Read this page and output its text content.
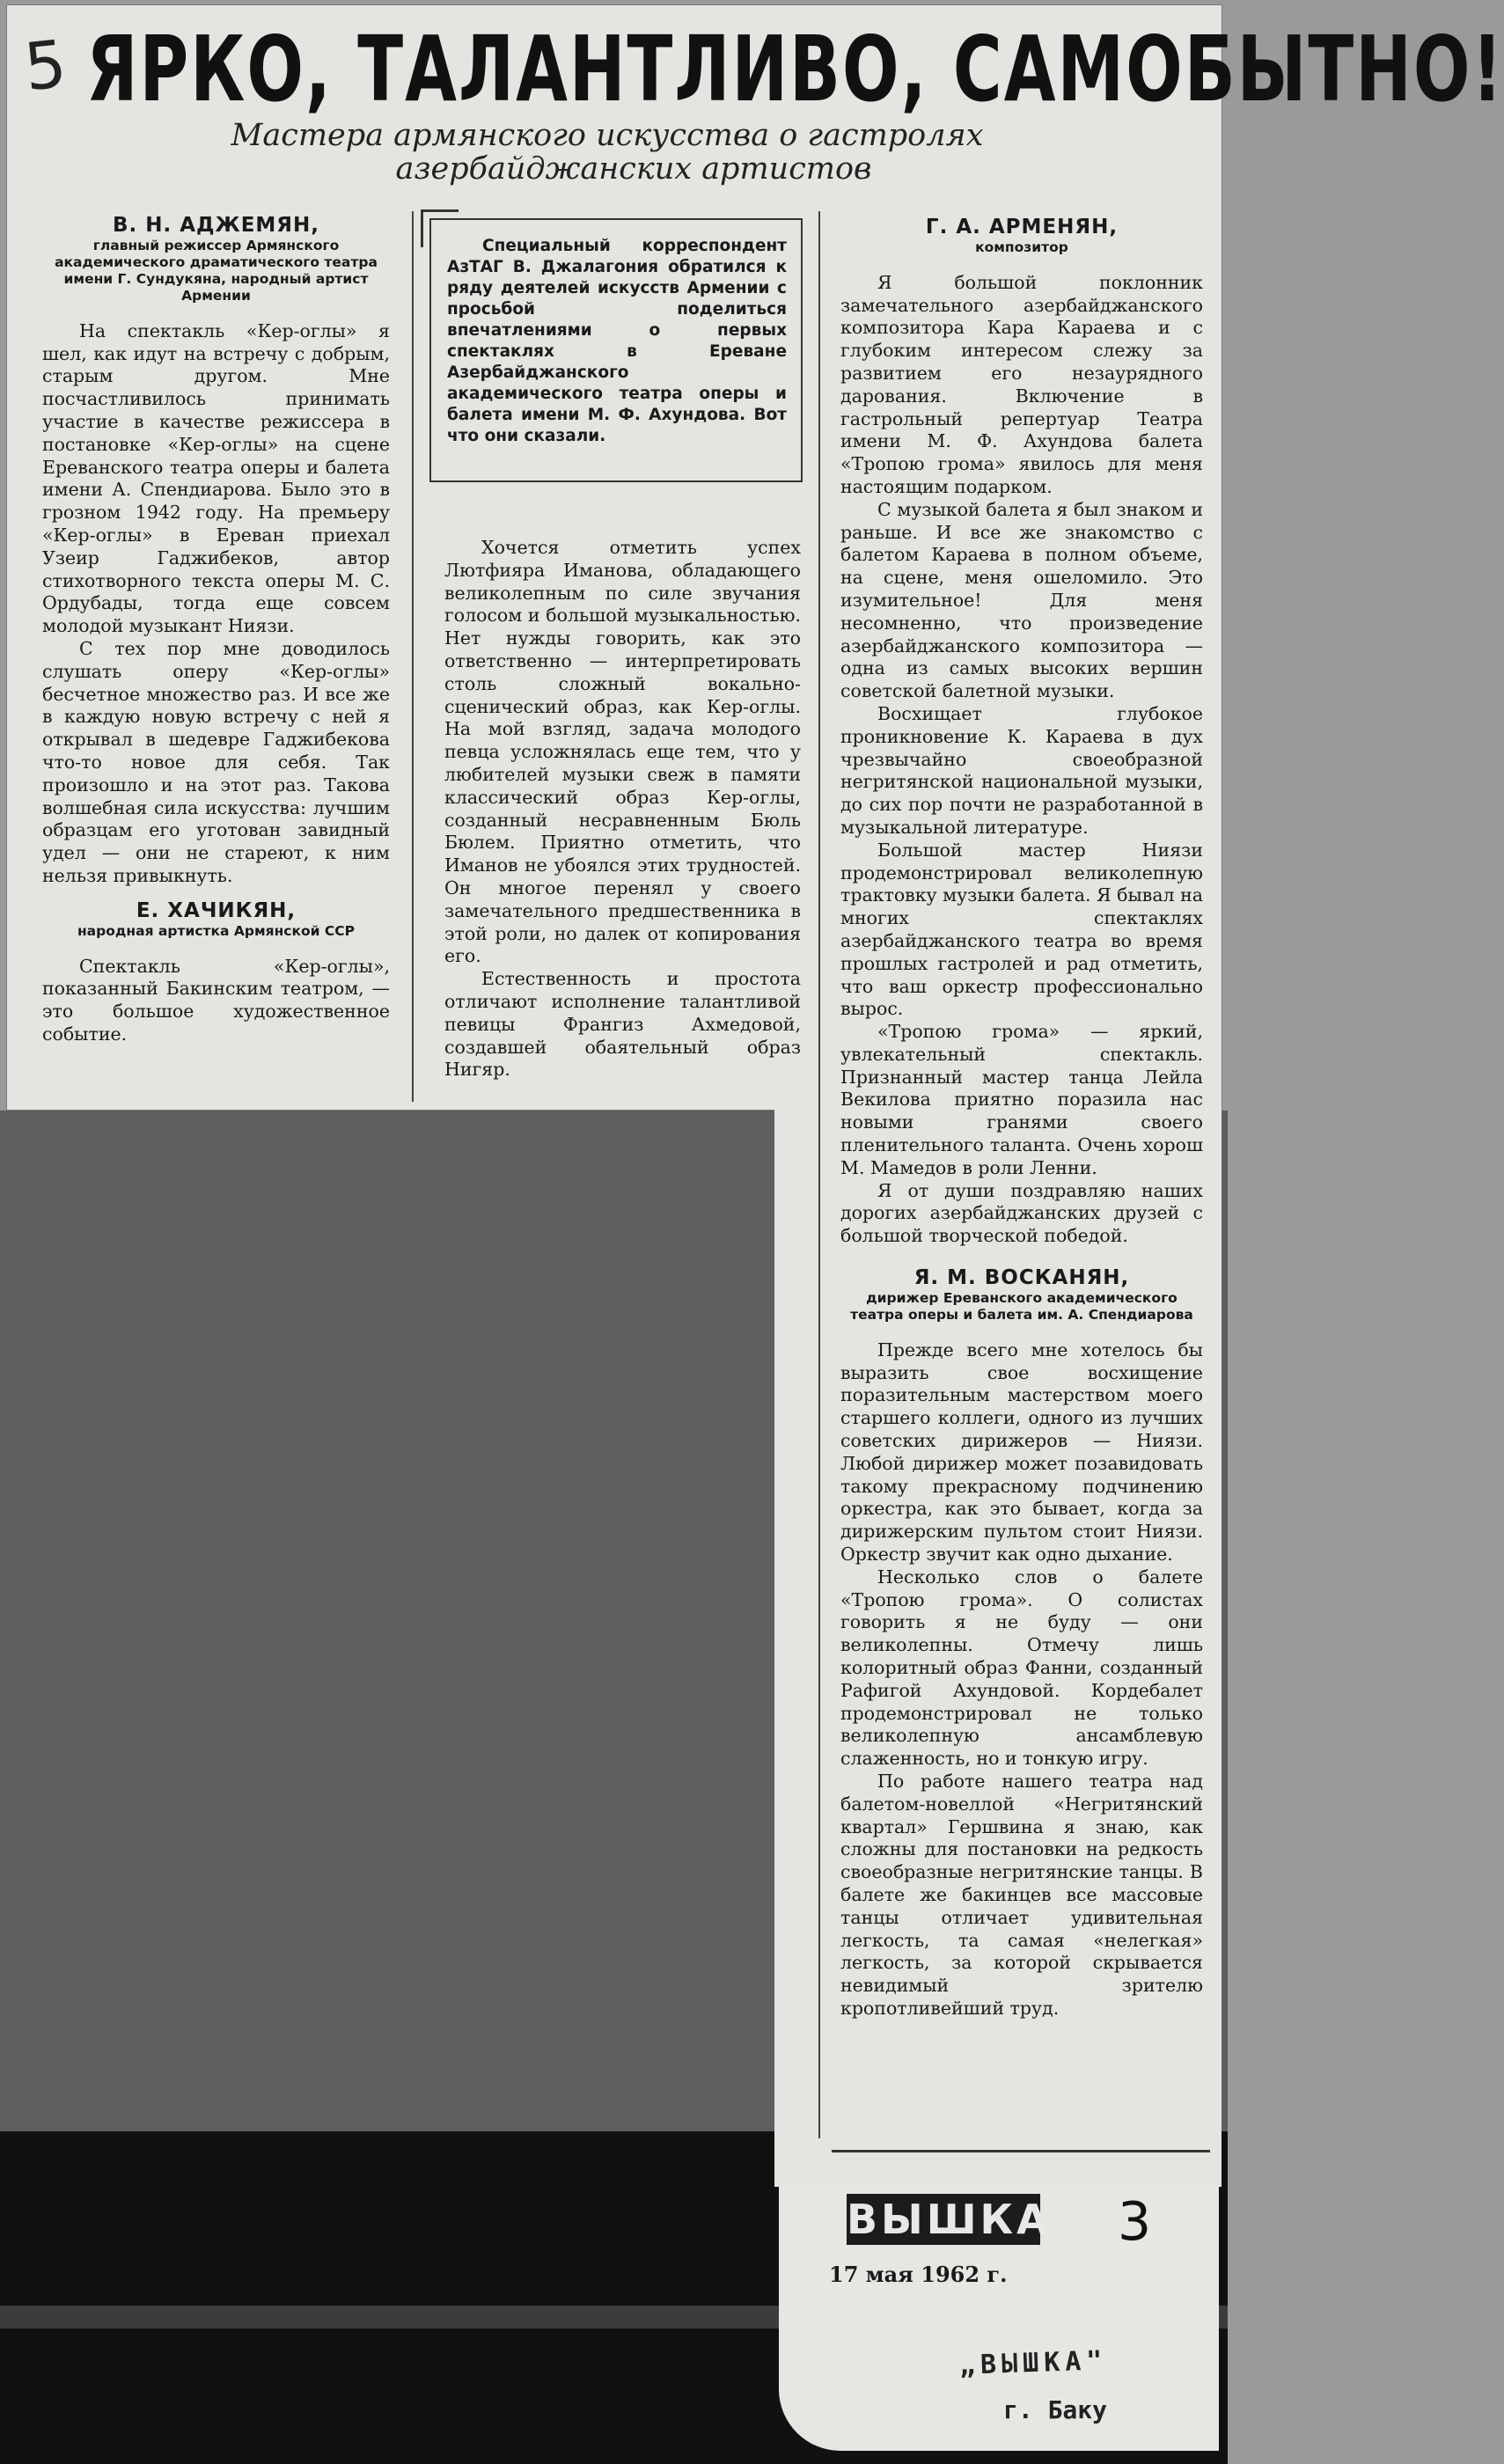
5 ЯРКО, ТАЛАНТЛИВО, САМОБЫТНО!
Мастера армянского искусства о гастролях
азербайджанских артистов
В. Н. АДЖЕМЯН,
главный режиссер Армянского академического драматического театра имени Г. Сундукяна, народный артист Армении

На спектакль «Кер-оглы» я шел, как идут на встречу с добрым, старым другом. Мне посчастливилось принимать участие в качестве режиссера в постановке «Кер-оглы» на сцене Ереванского театра оперы и балета имени А. Спендиарова. Было это в грозном 1942 году. На премьеру «Кер-оглы» в Ереван приехал Узеир Гаджибеков, автор стихотворного текста оперы М. С. Ордубады, тогда еще совсем молодой музыкант Ниязи.

С тех пор мне доводилось слушать оперу «Кер-оглы» бесчетное множество раз. И все же в каждую новую встречу с ней я открывал в шедевре Гаджибекова что-то новое для себя. Так произошло и на этот раз. Такова волшебная сила искусства: лучшим образцам его уготован завидный удел — они не стареют, к ним нельзя привыкнуть.

Е. ХАЧИКЯН,
народная артистка Армянской ССР

Спектакль «Кер-оглы», показанный Бакинским театром, — это большое художественное событие.

Специальный корреспондент АзТАГ В. Джалагония обратился к ряду деятелей искусств Армении с просьбой поделиться впечатлениями о первых спектаклях в Ереване Азербайджанского академического театра оперы и балета имени М. Ф. Ахундова. Вот что они сказали.

Хочется отметить успех Лютфияра Иманова, обладающего великолепным по силе звучания голосом и большой музыкальностью. Нет нужды говорить, как это ответственно — интерпретировать столь сложный вокально-сценический образ, как Кер-оглы. На мой взгляд, задача молодого певца усложнялась еще тем, что у любителей музыки свеж в памяти классический образ Кер-оглы, созданный несравненным Бюль Бюлем. Приятно отметить, что Иманов не убоялся этих трудностей. Он многое перенял у своего замечательного предшественника в этой роли, но далек от копирования его.

Естественность и простота отличают исполнение талантливой певицы Франгиз Ахмедовой, создавшей обаятельный образ Нигяр.

Г. А. АРМЕНЯН,
композитор

Я большой поклонник замечательного азербайджанского композитора Кара Караева и с глубоким интересом слежу за развитием его незаурядного дарования. Включение в гастрольный репертуар Театра имени М. Ф. Ахундова балета «Тропою грома» явилось для меня настоящим подарком.

С музыкой балета я был знаком и раньше. И все же знакомство с балетом Караева в полном объеме, на сцене, меня ошеломило. Это изумительное! Для меня несомненно, что произведение азербайджанского композитора — одна из самых высоких вершин советской балетной музыки.

Восхищает глубокое проникновение К. Караева в дух чрезвычайно своеобразной негритянской национальной музыки, до сих пор почти не разработанной в музыкальной литературе.

Большой мастер Ниязи продемонстрировал великолепную трактовку музыки балета. Я бывал на многих спектаклях азербайджанского театра во время прошлых гастролей и рад отметить, что ваш оркестр профессионально вырос.

«Тропою грома» — яркий, увлекательный спектакль. Признанный мастер танца Лейла Векилова приятно поразила нас новыми гранями своего пленительного таланта. Очень хорош М. Мамедов в роли Ленни.

Я от души поздравляю наших дорогих азербайджанских друзей с большой творческой победой.

Я. М. ВОСКАНЯН,
дирижер Ереванского академического театра оперы и балета им. А. Спендиарова

Прежде всего мне хотелось бы выразить свое восхищение поразительным мастерством моего старшего коллеги, одного из лучших советских дирижеров — Ниязи. Любой дирижер может позавидовать такому прекрасному подчинению оркестра, как это бывает, когда за дирижерским пультом стоит Ниязи. Оркестр звучит как одно дыхание.

Несколько слов о балете «Тропою грома». О солистах говорить я не буду — они великолепны. Отмечу лишь колоритный образ Фанни, созданный Рафигой Ахундовой. Кордебалет продемонстрировал не только великолепную ансамблевую слаженность, но и тонкую игру.

По работе нашего театра над балетом-новеллой «Негритянский квартал» Гершвина я знаю, как сложны для постановки на редкость своеобразные негритянские танцы. В балете же бакинцев все массовые танцы отличает удивительная легкость, та самая «нелегкая» легкость, за которой скрывается невидимый зрителю кропотливейший труд.

ВЫШКА 3
17 мая 1962 г.
„ВЫШКА"
г. Баку
